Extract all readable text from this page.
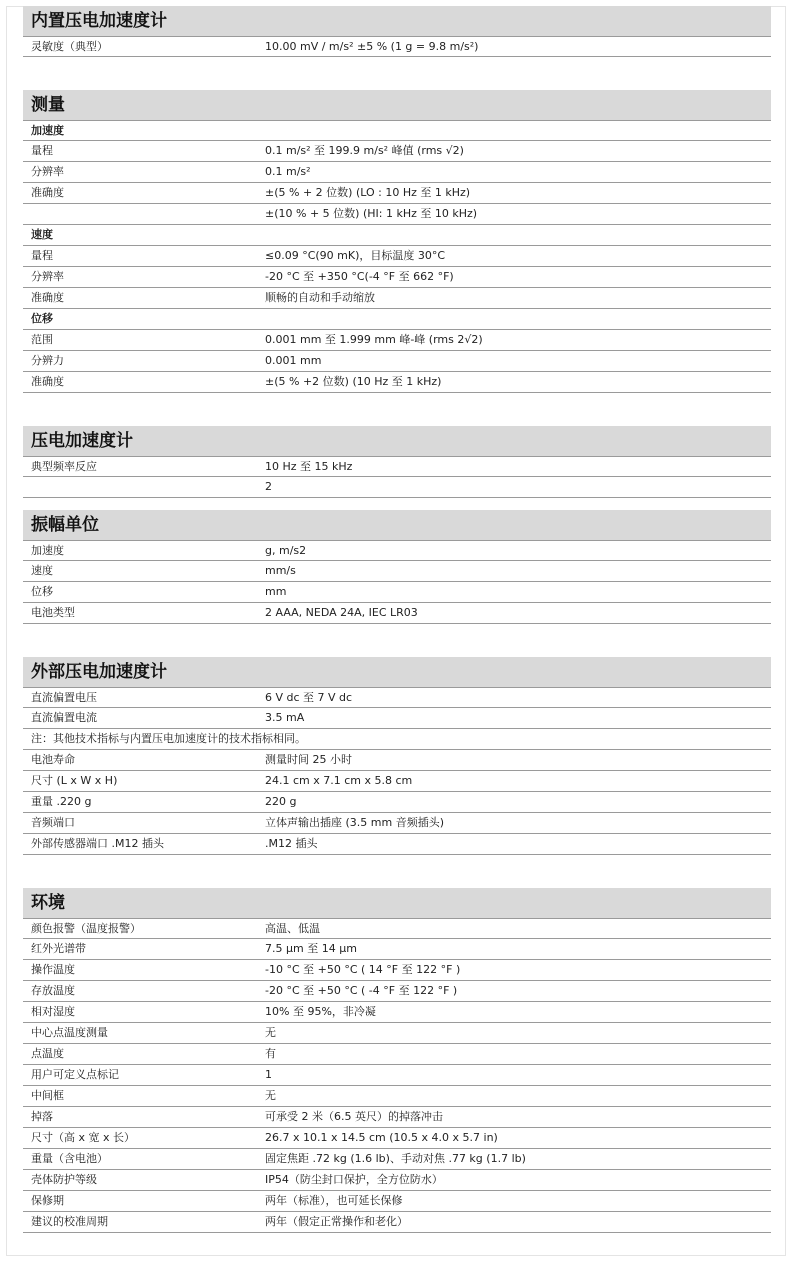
内置压电加速度计
灵敏度（典型）	10.00 mV / m/s² ±5 % (1 g = 9.8 m/s²)
测量
加速度
量程	0.1 m/s² 至 199.9 m/s² 峰值 (rms √2)
分辨率	0.1 m/s²
准确度	±(5 % + 2 位数) (LO : 10 Hz 至 1 kHz)
±(10 % + 5 位数) (HI: 1 kHz 至 10 kHz)
速度
量程	≤0.09 °C(90 mK)，目标温度 30°C
分辨率	-20 °C 至 +350 °C(-4 °F 至 662 °F)
准确度	顺畅的自动和手动缩放
位移
范围	0.001 mm 至 1.999 mm 峰-峰 (rms 2√2)
分辨力	0.001 mm
准确度	±(5 % +2 位数) (10 Hz 至 1 kHz)
压电加速度计
典型频率反应	10 Hz 至 15 kHz
2
振幅单位
加速度	g, m/s2
速度	mm/s
位移	mm
电池类型	2 AAA, NEDA 24A, IEC LR03
外部压电加速度计
直流偏置电压	6 V dc 至 7 V dc
直流偏置电流	3.5 mA
注：其他技术指标与内置压电加速度计的技术指标相同。
电池寿命	测量时间 25 小时
尺寸 (L x W x H)	24.1 cm x 7.1 cm x 5.8 cm
重量 .220 g	220 g
音频端口	立体声输出插座 (3.5 mm 音频插头)
外部传感器端口 .M12 插头	.M12 插头
环境
颜色报警（温度报警）	高温、低温
红外光谱带	7.5 μm 至 14 μm
操作温度	-10 °C 至 +50 °C ( 14 °F 至 122 °F )
存放温度	-20 °C 至 +50 °C ( -4 °F 至 122 °F )
相对湿度	10% 至 95%，非冷凝
中心点温度测量	无
点温度	有
用户可定义点标记	1
中间框	无
掉落	可承受 2 米（6.5 英尺）的掉落冲击
尺寸（高 x 宽 x 长）	26.7 x 10.1 x 14.5 cm (10.5 x 4.0 x 5.7 in)
重量（含电池）	固定焦距 .72 kg (1.6 lb)、手动对焦 .77 kg (1.7 lb)
壳体防护等级	IP54（防尘封口保护，全方位防水）
保修期	两年（标准），也可延长保修
建议的校准周期	两年（假定正常操作和老化）
